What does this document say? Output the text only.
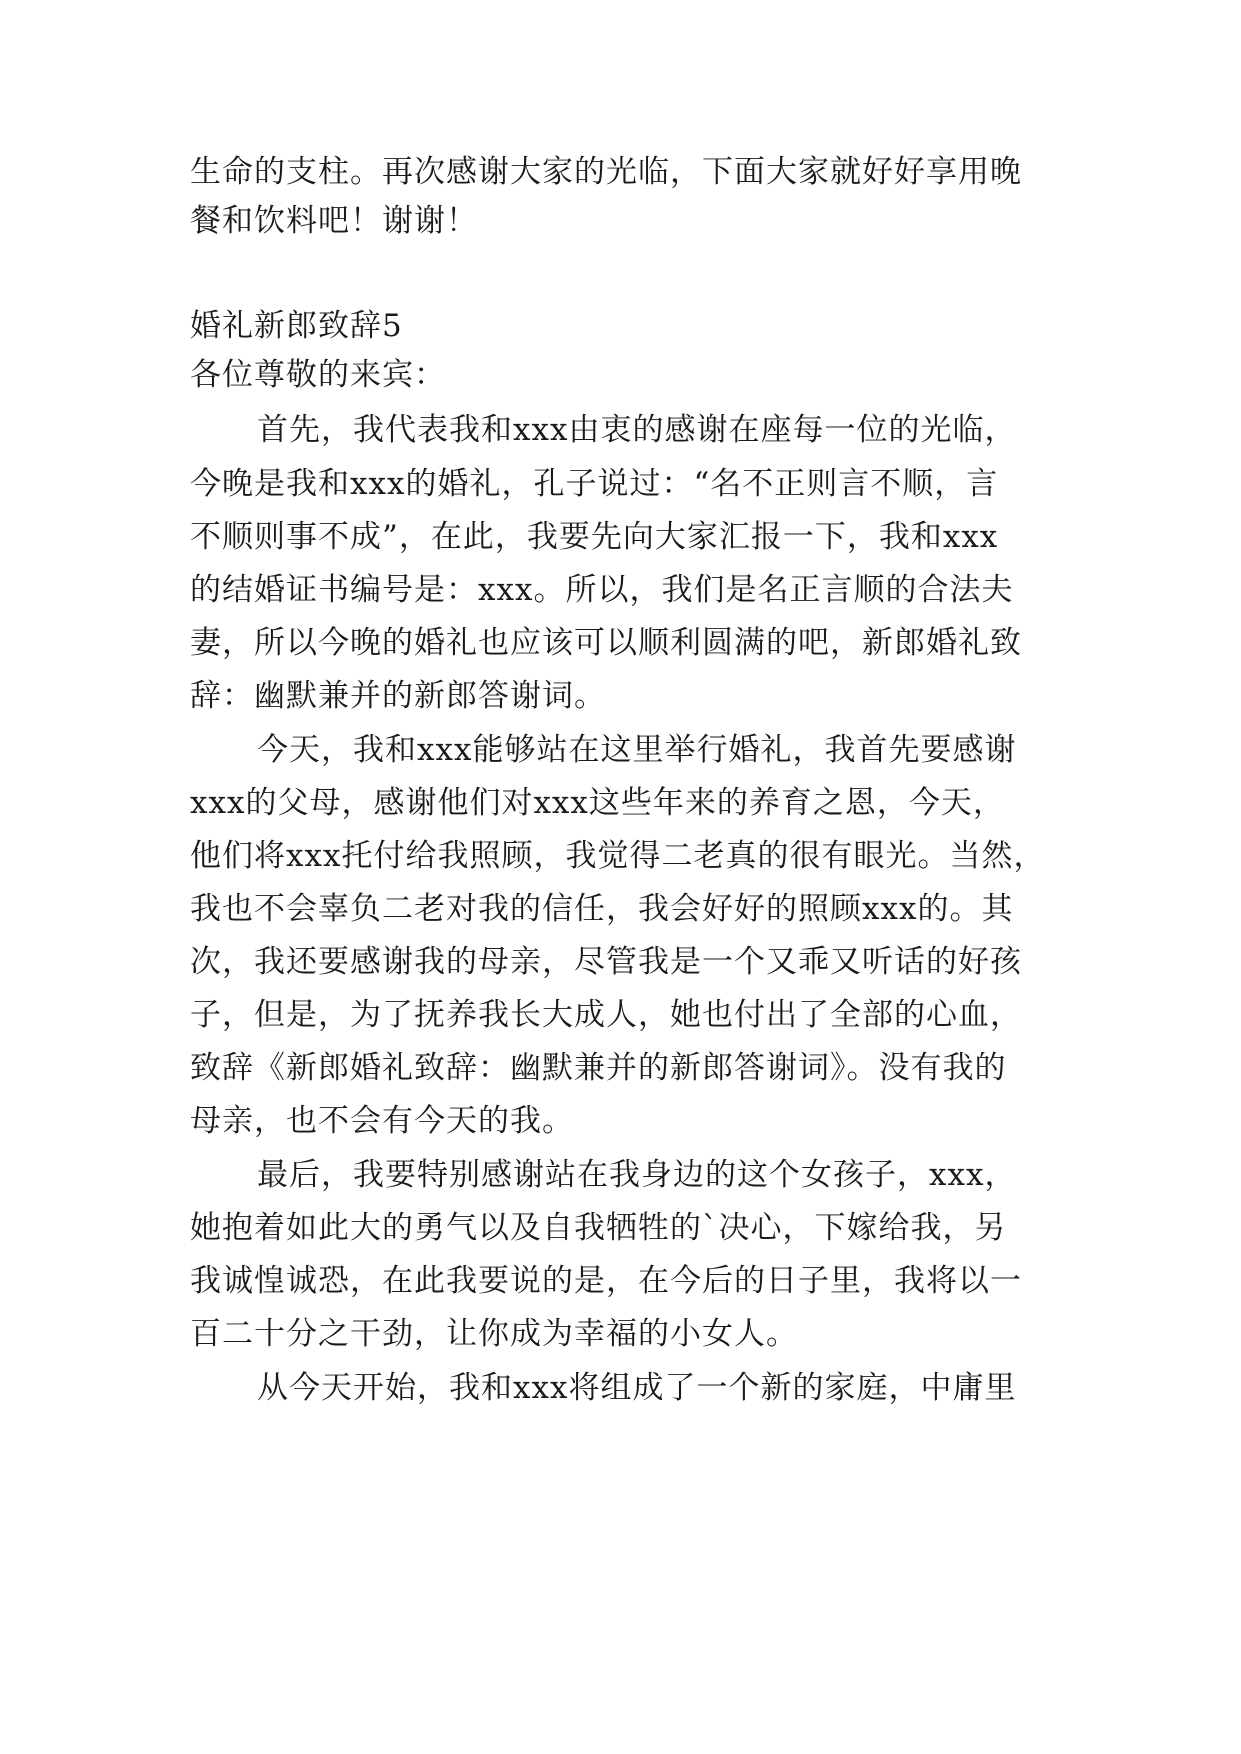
生命的支柱。再次感谢大家的光临，下面大家就好好享用晚
餐和饮料吧！谢谢！
婚礼新郎致辞5
各位尊敬的来宾：
首先，我代表我和xxx由衷的感谢在座每一位的光临，
今晚是我和xxx的婚礼，孔子说过：“名不正则言不顺，言
不顺则事不成”，在此，我要先向大家汇报一下，我和xxx
的结婚证书编号是：xxx。所以，我们是名正言顺的合法夫
妻，所以今晚的婚礼也应该可以顺利圆满的吧，新郎婚礼致
辞：幽默兼并的新郎答谢词。
今天，我和xxx能够站在这里举行婚礼，我首先要感谢
xxx的父母，感谢他们对xxx这些年来的养育之恩，今天，
他们将xxx托付给我照顾，我觉得二老真的很有眼光。当然，
我也不会辜负二老对我的信任，我会好好的照顾xxx的。其
次，我还要感谢我的母亲，尽管我是一个又乖又听话的好孩
子，但是，为了抚养我长大成人，她也付出了全部的心血，
致辞《新郎婚礼致辞：幽默兼并的新郎答谢词》。没有我的
母亲，也不会有今天的我。
最后，我要特别感谢站在我身边的这个女孩子，xxx，
她抱着如此大的勇气以及自我牺牲的`决心，下嫁给我，另
我诚惶诚恐，在此我要说的是，在今后的日子里，我将以一
百二十分之干劲，让你成为幸福的小女人。
从今天开始，我和xxx将组成了一个新的家庭，中庸里
